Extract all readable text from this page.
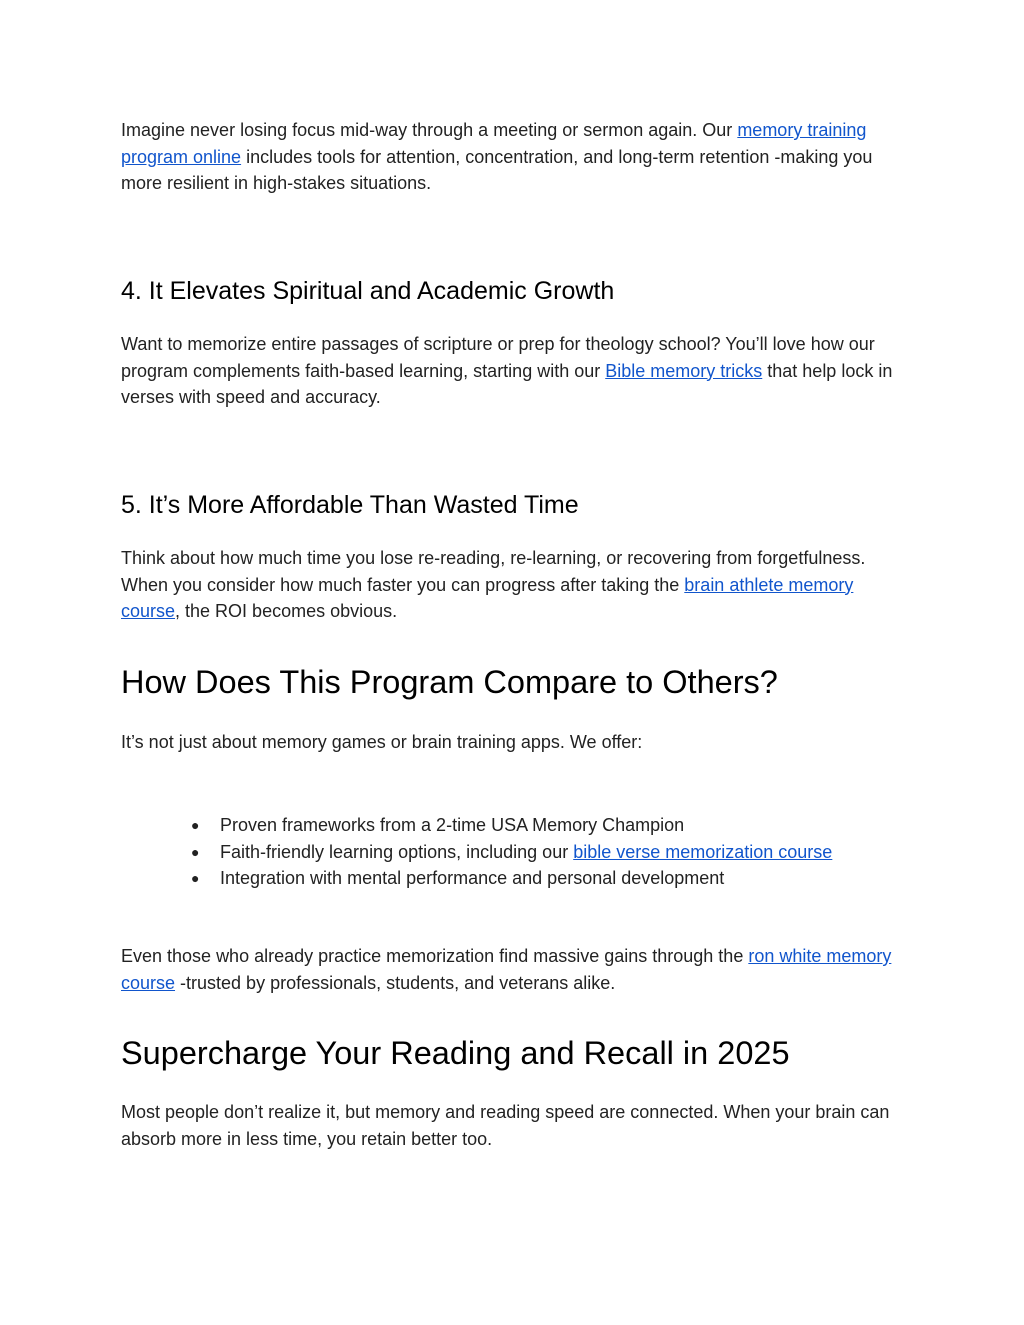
Imagine never losing focus mid-way through a meeting or sermon again. Our memory training program online includes tools for attention, concentration, and long-term retention -making you more resilient in high-stakes situations.

4. It Elevates Spiritual and Academic Growth

Want to memorize entire passages of scripture or prep for theology school? You’ll love how our program complements faith-based learning, starting with our Bible memory tricks that help lock in verses with speed and accuracy.

5. It’s More Affordable Than Wasted Time

Think about how much time you lose re-reading, re-learning, or recovering from forgetfulness. When you consider how much faster you can progress after taking the brain athlete memory course, the ROI becomes obvious.

How Does This Program Compare to Others?

It’s not just about memory games or brain training apps. We offer:

● Proven frameworks from a 2-time USA Memory Champion
● Faith-friendly learning options, including our bible verse memorization course
● Integration with mental performance and personal development

Even those who already practice memorization find massive gains through the ron white memory course -trusted by professionals, students, and veterans alike.

Supercharge Your Reading and Recall in 2025

Most people don’t realize it, but memory and reading speed are connected. When your brain can absorb more in less time, you retain better too.
